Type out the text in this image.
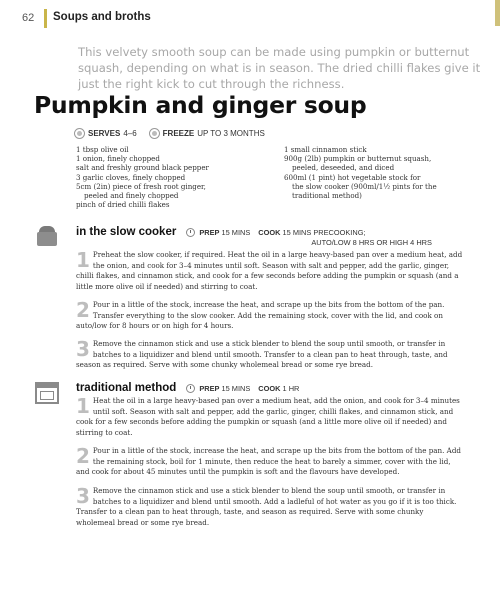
62 Soups and broths

This velvety smooth soup can be made using pumpkin or butternut squash, depending on what is in season. The dried chilli flakes give it just the right kick to cut through the richness.

Pumpkin and ginger soup
SERVES 4–6	FREEZE UP TO 3 MONTHS
1 tbsp olive oil
1 onion, finely chopped
salt and freshly ground black pepper
3 garlic cloves, finely chopped
5cm (2in) piece of fresh root ginger,
peeled and finely chopped
pinch of dried chilli flakes
1 small cinnamon stick
900g (2lb) pumpkin or butternut squash,
peeled, deseeded, and diced
600ml (1 pint) hot vegetable stock for
the slow cooker (900ml/1½ pints for the
traditional method)
in the slow cooker	PREP 15 MINS COOK 15 MINS PRECOOKING;
AUTO/LOW 8 HRS OR HIGH 4 HRS
1 Preheat the slow cooker, if required. Heat the oil in a large heavy-based pan over a medium heat, add the onion, and cook for 3–4 minutes until soft. Season with salt and pepper, add the garlic, ginger, chilli flakes, and cinnamon stick, and cook for a few seconds before adding the pumpkin or squash (and a little more olive oil if needed) and stirring to coat.
2 Pour in a little of the stock, increase the heat, and scrape up the bits from the bottom of the pan. Transfer everything to the slow cooker. Add the remaining stock, cover with the lid, and cook on auto/low for 8 hours or on high for 4 hours.
3 Remove the cinnamon stick and use a stick blender to blend the soup until smooth, or transfer in batches to a liquidizer and blend until smooth. Transfer to a clean pan to heat through, taste, and season as required. Serve with some chunky wholemeal bread or some rye bread.
traditional method	PREP 15 MINS COOK 1 HR
1 Heat the oil in a large heavy-based pan over a medium heat, add the onion, and cook for 3–4 minutes until soft. Season with salt and pepper, add the garlic, ginger, chilli flakes, and cinnamon stick, and cook for a few seconds before adding the pumpkin or squash (and a little more olive oil if needed) and stirring to coat.
2 Pour in a little of the stock, increase the heat, and scrape up the bits from the bottom of the pan. Add the remaining stock, boil for 1 minute, then reduce the heat to barely a simmer, cover with the lid, and cook for about 45 minutes until the pumpkin is soft and the flavours have developed.
3 Remove the cinnamon stick and use a stick blender to blend the soup until smooth, or transfer in batches to a liquidizer and blend until smooth. Add a ladleful of hot water as you go if it is too thick. Transfer to a clean pan to heat through, taste, and season as required. Serve with some chunky wholemeal bread or some rye bread.
